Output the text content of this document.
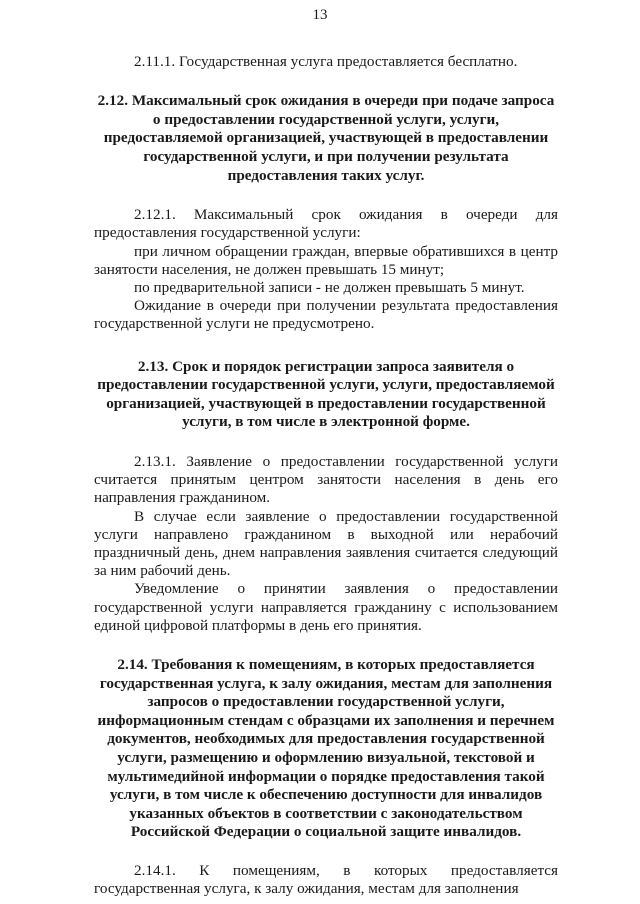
13

2.11.1. Государственная услуга предоставляется бесплатно.

2.12. Максимальный срок ожидания в очереди при подаче запроса о предоставлении государственной услуги, услуги, предоставляемой организацией, участвующей в предоставлении государственной услуги, и при получении результата предоставления таких услуг.

2.12.1. Максимальный срок ожидания в очереди для предоставления государственной услуги:

при личном обращении граждан, впервые обратившихся в центр занятости населения, не должен превышать 15 минут;

по предварительной записи - не должен превышать 5 минут.

Ожидание в очереди при получении результата предоставления государственной услуги не предусмотрено.

2.13. Срок и порядок регистрации запроса заявителя о предоставлении государственной услуги, услуги, предоставляемой организацией, участвующей в предоставлении государственной услуги, в том числе в электронной форме.

2.13.1. Заявление о предоставлении государственной услуги считается принятым центром занятости населения в день его направления гражданином.

В случае если заявление о предоставлении государственной услуги направлено гражданином в выходной или нерабочий праздничный день, днем направления заявления считается следующий за ним рабочий день.

Уведомление о принятии заявления о предоставлении государственной услуги направляется гражданину с использованием единой цифровой платформы в день его принятия.

2.14. Требования к помещениям, в которых предоставляется государственная услуга, к залу ожидания, местам для заполнения запросов о предоставлении государственной услуги, информационным стендам с образцами их заполнения и перечнем документов, необходимых для предоставления государственной услуги, размещению и оформлению визуальной, текстовой и мультимедийной информации о порядке предоставления такой услуги, в том числе к обеспечению доступности для инвалидов указанных объектов в соответствии с законодательством Российской Федерации о социальной защите инвалидов.

2.14.1. К помещениям, в которых предоставляется государственная услуга, к залу ожидания, местам для заполнения
